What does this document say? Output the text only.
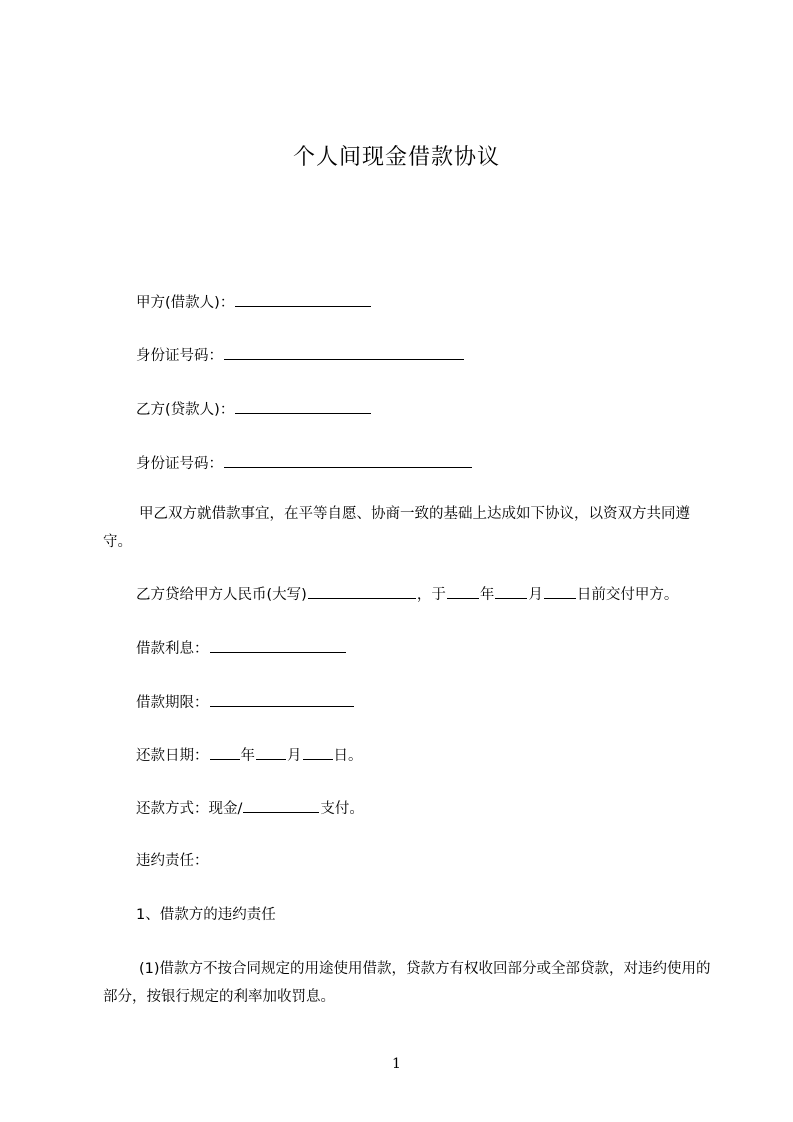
个人间现金借款协议
甲方(借款人)：
身份证号码：
乙方(贷款人)：
身份证号码：
甲乙双方就借款事宜，在平等自愿、协商一致的基础上达成如下协议，以资双方共同遵守。
乙方贷给甲方人民币(大写)	，于 年 月 日前交付甲方。
借款利息：
借款期限：
还款日期： 年 月 日。
还款方式：现金/	支付。
违约责任：
1、借款方的违约责任
(1)借款方不按合同规定的用途使用借款，贷款方有权收回部分或全部贷款，对违约使用的部分，按银行规定的利率加收罚息。
1
